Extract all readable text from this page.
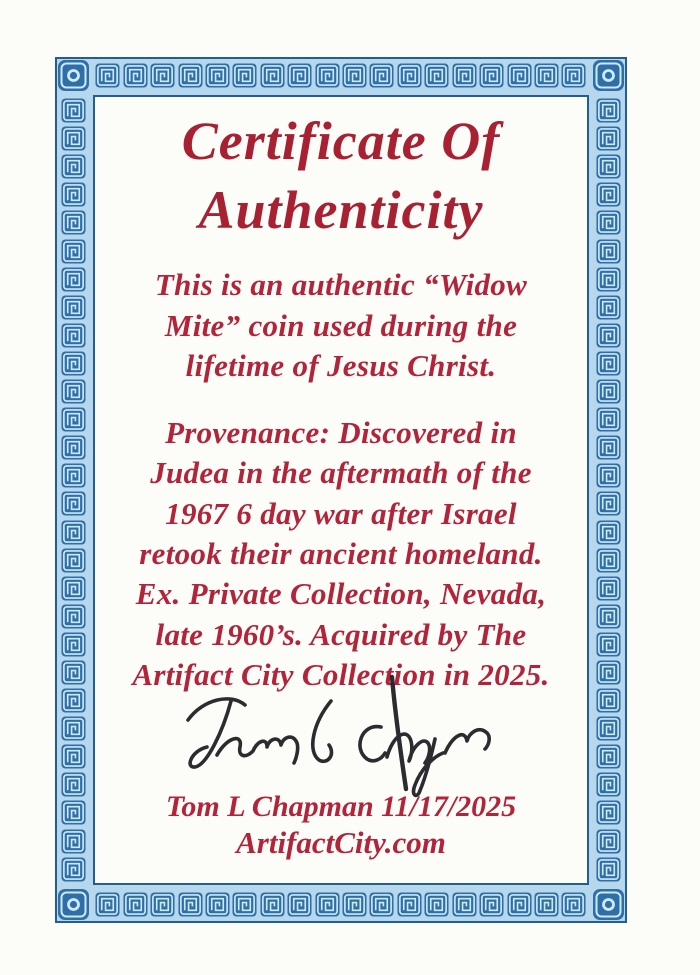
Certificate Of
Authenticity
This is an authentic “Widow
Mite” coin used during the
lifetime of Jesus Christ.
Provenance: Discovered in
Judea in the aftermath of the
1967 6 day war after Israel
retook their ancient homeland.
Ex. Private Collection, Nevada,
late 1960’s. Acquired by The
Artifact City Collection in 2025.
Tom L Chapman 11/17/2025
ArtifactCity.com
